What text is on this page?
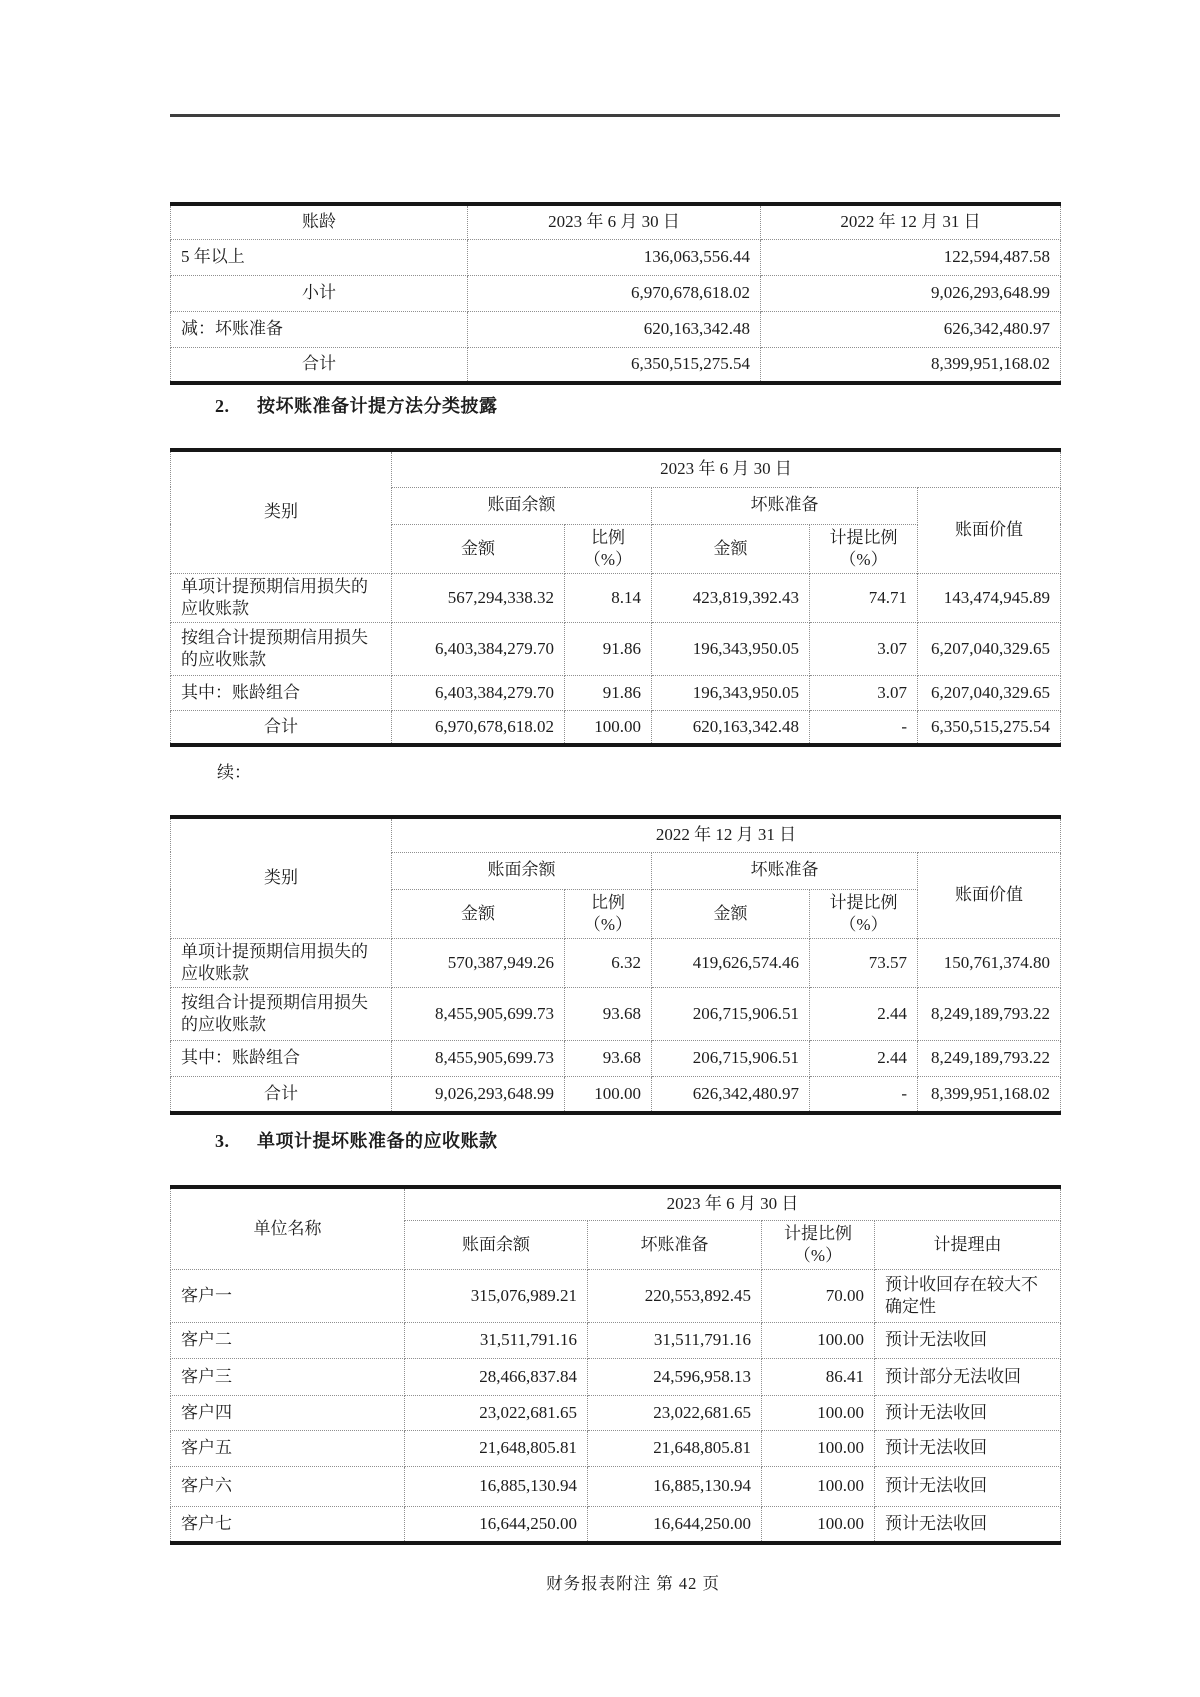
账龄	2023 年 6 月 30 日	2022 年 12 月 31 日
5 年以上	136,063,556.44	122,594,487.58
小计	6,970,678,618.02	9,026,293,648.99
减：坏账准备	620,163,342.48	626,342,480.97
合计	6,350,515,275.54	8,399,951,168.02
2. 按坏账准备计提方法分类披露
类别	2023 年 6 月 30 日				
	账面余额		坏账准备		账面价值
	金额	比例（%）	金额	计提比例（%）	
单项计提预期信用损失的应收账款	567,294,338.32	8.14	423,819,392.43	74.71	143,474,945.89
按组合计提预期信用损失的应收账款	6,403,384,279.70	91.86	196,343,950.05	3.07	6,207,040,329.65
其中：账龄组合	6,403,384,279.70	91.86	196,343,950.05	3.07	6,207,040,329.65
合计	6,970,678,618.02	100.00	620,163,342.48	-	6,350,515,275.54
续：
类别	2022 年 12 月 31 日				
	账面余额		坏账准备		账面价值
	金额	比例（%）	金额	计提比例（%）	
单项计提预期信用损失的应收账款	570,387,949.26	6.32	419,626,574.46	73.57	150,761,374.80
按组合计提预期信用损失的应收账款	8,455,905,699.73	93.68	206,715,906.51	2.44	8,249,189,793.22
其中：账龄组合	8,455,905,699.73	93.68	206,715,906.51	2.44	8,249,189,793.22
合计	9,026,293,648.99	100.00	626,342,480.97	-	8,399,951,168.02
3. 单项计提坏账准备的应收账款
单位名称	2023 年 6 月 30 日			
	账面余额	坏账准备	计提比例（%）	计提理由
客户一	315,076,989.21	220,553,892.45	70.00	预计收回存在较大不确定性
客户二	31,511,791.16	31,511,791.16	100.00	预计无法收回
客户三	28,466,837.84	24,596,958.13	86.41	预计部分无法收回
客户四	23,022,681.65	23,022,681.65	100.00	预计无法收回
客户五	21,648,805.81	21,648,805.81	100.00	预计无法收回
客户六	16,885,130.94	16,885,130.94	100.00	预计无法收回
客户七	16,644,250.00	16,644,250.00	100.00	预计无法收回
财务报表附注 第 42 页
